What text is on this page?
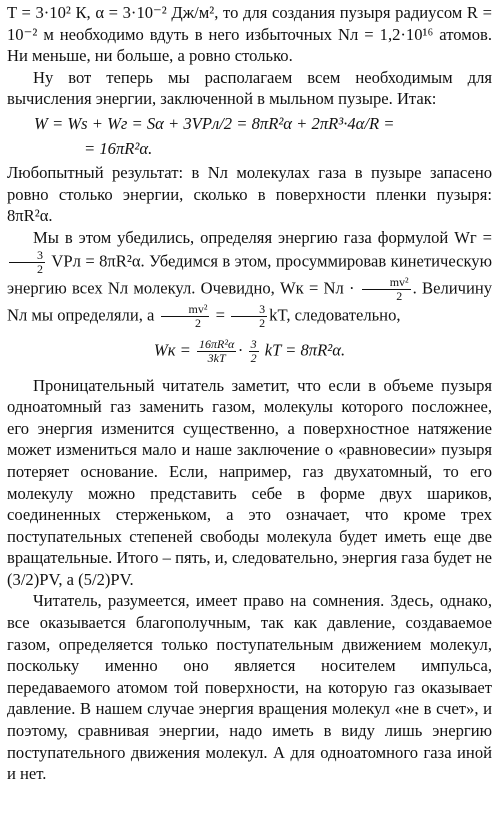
T = 3·10² К, α = 3·10⁻² Дж/м², то для создания пузыря радиусом R = 10⁻² м необходимо вдуть в него избыточных Nл = 1,2·10¹⁶ атомов. Ни меньше, ни больше, а ровно столько.

Ну вот теперь мы располагаем всем необходимым для вычисления энергии, заключенной в мыльном пузыре. Итак:

W = Ws + Wг = Sα + 3VPл/2 = 8πR²α + 2πR³·4α/R =
= 16πR²α.

Любопытный результат: в Nл молекулах газа в пузыре запасено ровно столько энергии, сколько в поверхности пленки пузыря: 8πR²α.

Мы в этом убедились, определяя энергию газа формулой Wг =
$\frac{3}{2}$ VPл = 8πR²α. Убедимся в этом, просуммировав кинетическую энергию всех Nл молекул. Очевидно, Wк = Nл · $\frac{\text{mv²}}{2}$ . Величину Nл мы определяли, а $\frac{\text{mv²}}{2} = \frac{3}{2}$ kT, следовательно,

Wк = $\frac{\text{16πR²α}}{3kT} \cdot \frac{3}{2}$ kT = 8πR²α.

Проницательный читатель заметит, что если в объеме пузыря одноатомный газ заменить газом, молекулы которого посложнее, его энергия изменится существенно, а поверхностное натяжение может измениться мало и наше заключение о «равновесии» пузыря потеряет основание. Если, например, газ двухатомный, то его молекулу можно представить себе в форме двух шариков, соединенных стерженьком, а это означает, что кроме трех поступательных степеней свободы молекула будет иметь еще две вращательные. Итого – пять, и, следовательно, энергия газа будет не (3/2)PV, а (5/2)PV.

Читатель, разумеется, имеет право на сомнения. Здесь, однако, все оказывается благополучным, так как давление, создаваемое газом, определяется только поступательным движением молекул, поскольку именно оно является носителем импульса, передаваемого атомом той поверхности, на которую газ оказывает давление. В нашем случае энергия вращения молекул «не в счет», и поэтому, сравнивая энергии, надо иметь в виду лишь энергию поступательного движения молекул. А для одноатомного газа иной и нет.
